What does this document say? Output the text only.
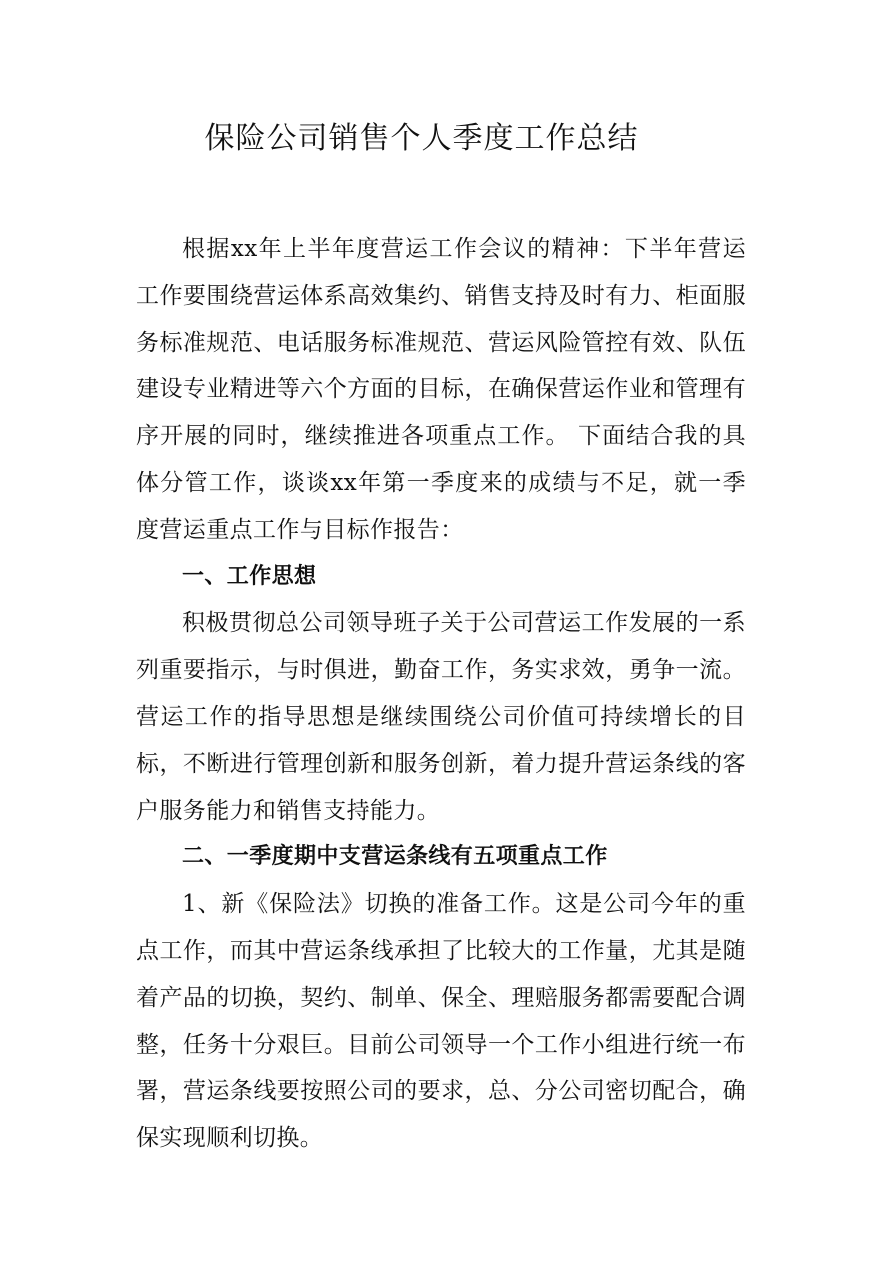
保险公司销售个人季度工作总结

根据xx年上半年度营运工作会议的精神：下半年营运工作要围绕营运体系高效集约、销售支持及时有力、柜面服务标准规范、电话服务标准规范、营运风险管控有效、队伍建设专业精进等六个方面的目标，在确保营运作业和管理有序开展的同时，继续推进各项重点工作。 下面结合我的具体分管工作，谈谈xx年第一季度来的成绩与不足，就一季度营运重点工作与目标作报告：

一、工作思想

积极贯彻总公司领导班子关于公司营运工作发展的一系列重要指示，与时俱进，勤奋工作，务实求效，勇争一流。营运工作的指导思想是继续围绕公司价值可持续增长的目标，不断进行管理创新和服务创新，着力提升营运条线的客户服务能力和销售支持能力。

二、一季度期中支营运条线有五项重点工作

1、新《保险法》切换的准备工作。这是公司今年的重点工作，而其中营运条线承担了比较大的工作量，尤其是随着产品的切换，契约、制单、保全、理赔服务都需要配合调整，任务十分艰巨。目前公司领导一个工作小组进行统一布署，营运条线要按照公司的要求，总、分公司密切配合，确保实现顺利切换。
